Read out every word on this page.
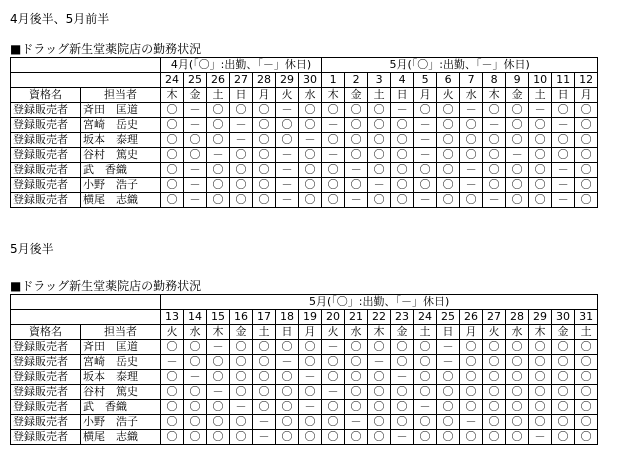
4月後半、5月前半
■ドラッグ新生堂薬院店の勤務状況
		4月(「〇」:出勤、「－」休日)							5月(「〇」:出勤、「－」休日)											
		24	25	26	27	28	29	30	1	2	3	4	5	6	7	8	9	10	11	12
資格名	担当者	木	金	土	日	月	火	水	木	金	土	日	月	火	水	木	金	土	日	月
登録販売者	斉田　匡道	〇	－	〇	〇	〇	－	〇	〇	〇	〇	－	〇	〇	－	〇	〇	－	〇	〇
登録販売者	宮崎　岳史	〇	－	〇	－	〇	〇	〇	－	〇	〇	〇	－	〇	〇	－	〇	〇	－	〇
登録販売者	坂本　泰理	〇	〇	〇	－	〇	〇	－	〇	〇	〇	〇	－	〇	〇	〇	〇	〇	〇	〇
登録販売者	谷村　篤史	〇	〇	－	〇	〇	－	〇	－	〇	〇	〇	－	〇	〇	〇	－	〇	〇	〇
登録販売者	武　香織	〇	－	〇	〇	〇	－	〇	〇	－	〇	〇	〇	〇	－	〇	〇	〇	－	〇
登録販売者	小野　浩子	〇	－	〇	〇	〇	－	〇	〇	〇	－	〇	〇	〇	－	〇	〇	〇	－	〇
登録販売者	横尾　志織	〇	－	〇	〇	〇	－	〇	〇	－	〇	〇	－	〇	〇	－	〇	〇	－	〇
5月後半
■ドラッグ新生堂薬院店の勤務状況
		5月(「〇」:出勤、「－」休日)																		
		13	14	15	16	17	18	19	20	21	22	23	24	25	26	27	28	29	30	31
資格名	担当者	火	水	木	金	土	日	月	火	水	木	金	土	日	月	火	水	木	金	土
登録販売者	斉田　匡道	〇	〇	－	〇	〇	〇	〇	－	〇	〇	〇	〇	－	〇	〇	〇	〇	〇	〇
登録販売者	宮崎　岳史	－	〇	〇	〇	〇	－	〇	〇	〇	－	〇	〇	－	〇	〇	〇	〇	〇	〇
登録販売者	坂本　泰理	〇	－	〇	〇	〇	〇	－	〇	〇	〇	－	〇	〇	〇	〇	〇	〇	〇	〇
登録販売者	谷村　篤史	〇	〇	－	〇	〇	〇	〇	－	〇	〇	〇	〇	〇	〇	〇	〇	〇	〇	〇
登録販売者	武　香織	〇	〇	〇	－	〇	〇	－	〇	〇	〇	〇	－	〇	〇	〇	〇	〇	〇	〇
登録販売者	小野　浩子	〇	〇	〇	〇	－	〇	〇	〇	－	〇	〇	〇	〇	－	〇	〇	〇	〇	〇
登録販売者	横尾　志織	〇	〇	〇	〇	－	〇	〇	〇	〇	〇	－	〇	〇	〇	〇	〇	－	〇	〇
